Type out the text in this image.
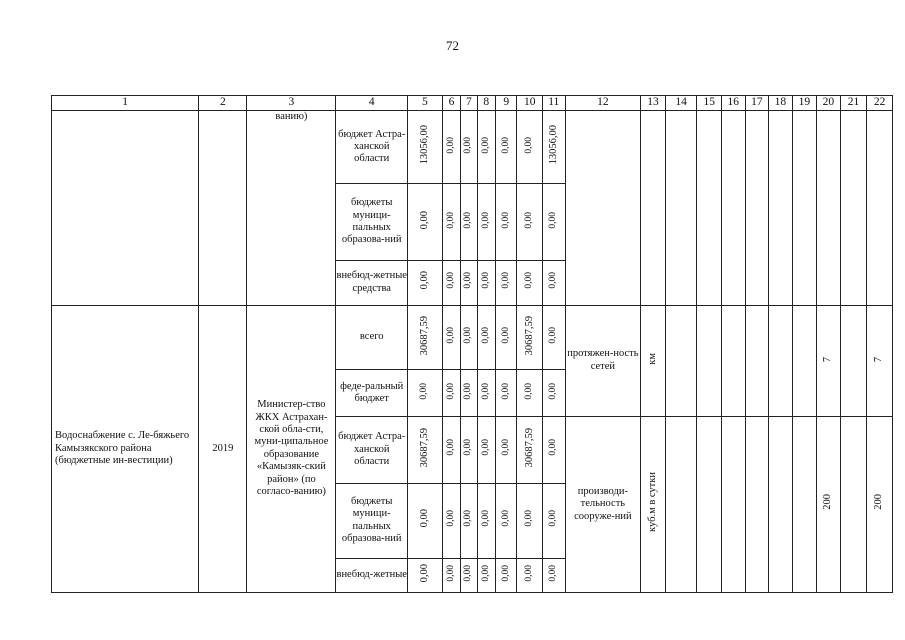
72
1	2	3	4	5	6	7	8	9	10	11	12	13	14	15	16	17	18	19	20	21	22
		ванию)	бюджет Астра-ханской области	13056,00	0,00	0,00	0,00	0,00	0,00	13056,00											
			бюджеты муници-пальных образова-ний	0,00	0,00	0,00	0,00	0,00	0,00	0,00											
			внебюд-жетные средства	0,00	0,00	0,00	0,00	0,00	0,00	0,00											
Водоснабжение с. Ле-бяжьего Камызякского района (бюджетные ин-вестиции)	2019	Министер-ство ЖКХ Астрахан-ской обла-сти, муни-ципальное образование «Камызяк-ский район» (по согласо-ванию)	всего	30687,59	0,00	0,00	0,00	0,00	30687,59	0,00	протяжен-ность сетей	км							7		7
			феде-ральный бюджет	0,00	0,00	0,00	0,00	0,00	0,00	0,00											
			бюджет Астра-ханской области	30687,59	0,00	0,00	0,00	0,00	30687,59	0,00	производи-тельность сооруже-ний	куб.м в сутки							200		200
			бюджеты муници-пальных образова-ний	0,00	0,00	0,00	0,00	0,00	0,00	0,00											
			внебюд-жетные	0,00	0,00	0,00	0,00	0,00	0,00	0,00											
